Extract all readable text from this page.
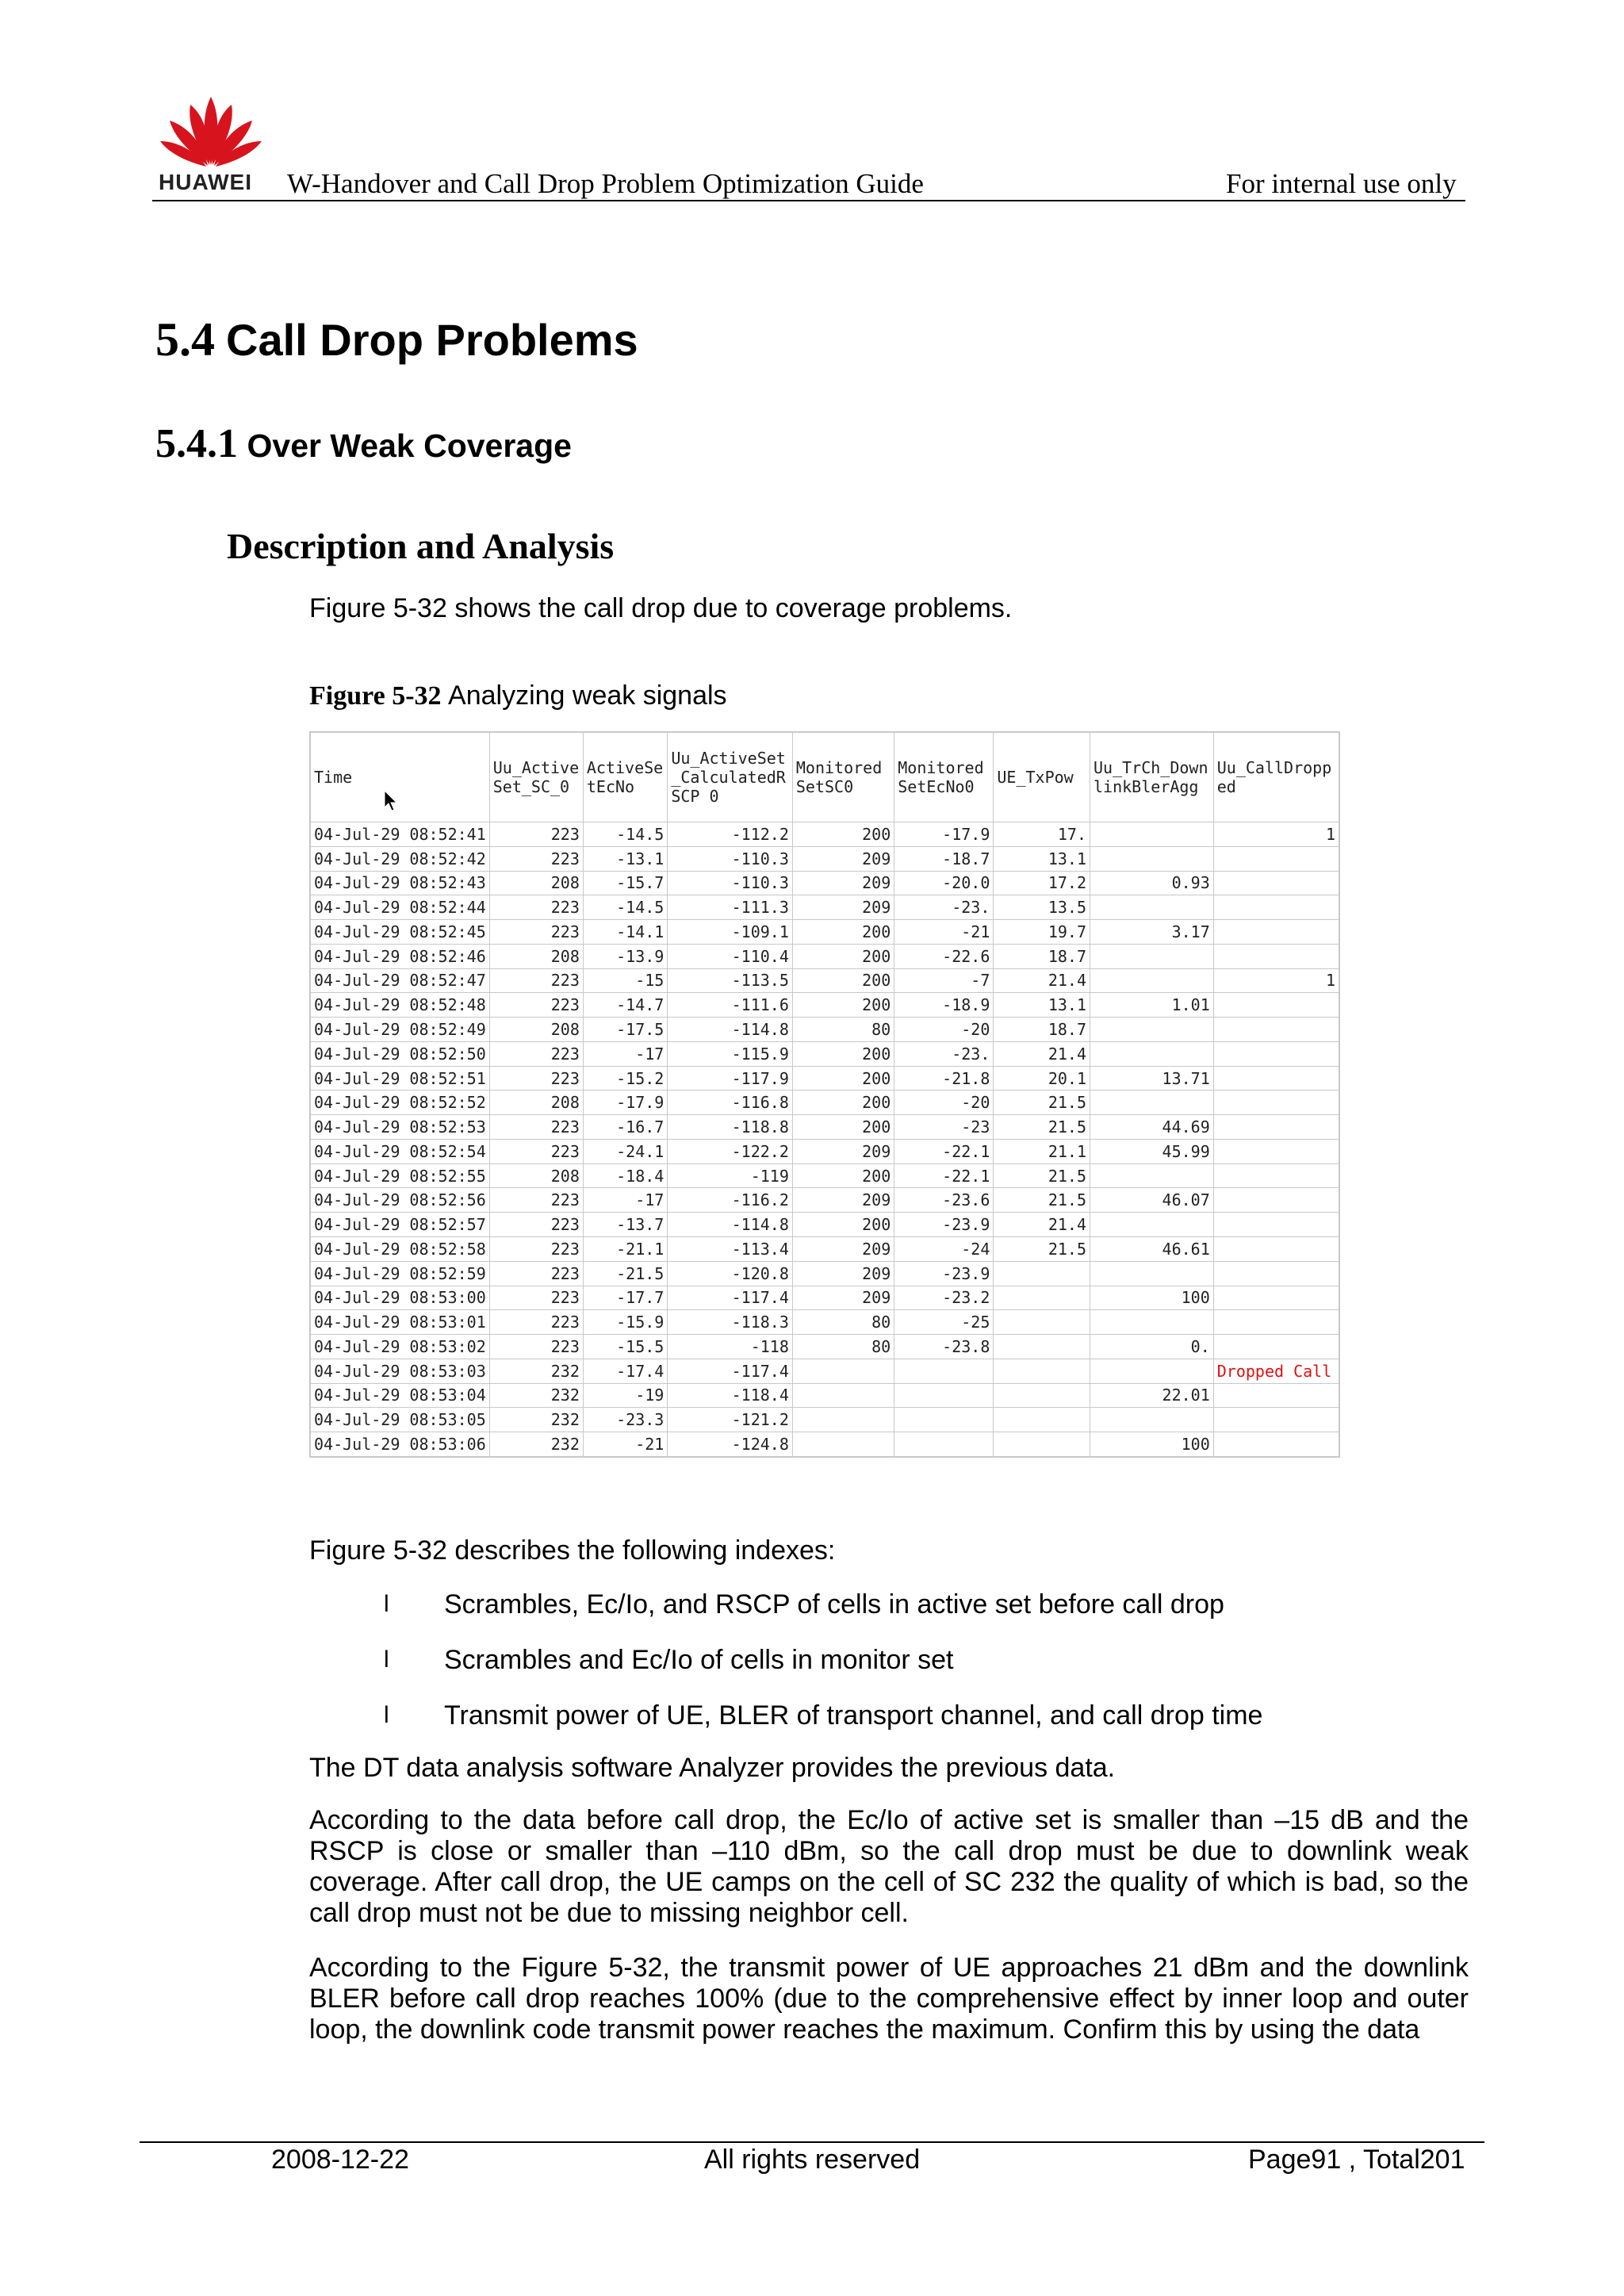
HUAWEI W-Handover and Call Drop Problem Optimization Guide	For internal use only
5.4 Call Drop Problems
5.4.1 Over Weak Coverage
Description and Analysis
Figure 5-32 shows the call drop due to coverage problems.
Figure 5-32 Analyzing weak signals
Time	Uu_ActiveSet_SC_0	ActiveSetEcNo	Uu_ActiveSet_CalculatedRSCP 0	MonitoredSetSC0	MonitoredSetEcNo0	UE_TxPow	Uu_TrCh_DownlinkBlerAgg	Uu_CallDropped
04-Jul-29 08:52:41	223	-14.5	-112.2	200	-17.9	17.		1
04-Jul-29 08:52:42	223	-13.1	-110.3	209	-18.7	13.1		
04-Jul-29 08:52:43	208	-15.7	-110.3	209	-20.0	17.2	0.93	
04-Jul-29 08:52:44	223	-14.5	-111.3	209	-23.	13.5		
04-Jul-29 08:52:45	223	-14.1	-109.1	200	-21	19.7	3.17	
04-Jul-29 08:52:46	208	-13.9	-110.4	200	-22.6	18.7		
04-Jul-29 08:52:47	223	-15	-113.5	200	-7	21.4		1
04-Jul-29 08:52:48	223	-14.7	-111.6	200	-18.9	13.1	1.01	
04-Jul-29 08:52:49	208	-17.5	-114.8	80	-20	18.7		
04-Jul-29 08:52:50	223	-17	-115.9	200	-23.	21.4		
04-Jul-29 08:52:51	223	-15.2	-117.9	200	-21.8	20.1	13.71	
04-Jul-29 08:52:52	208	-17.9	-116.8	200	-20	21.5		
04-Jul-29 08:52:53	223	-16.7	-118.8	200	-23	21.5	44.69	
04-Jul-29 08:52:54	223	-24.1	-122.2	209	-22.1	21.1	45.99	
04-Jul-29 08:52:55	208	-18.4	-119	200	-22.1	21.5		
04-Jul-29 08:52:56	223	-17	-116.2	209	-23.6	21.5	46.07	
04-Jul-29 08:52:57	223	-13.7	-114.8	200	-23.9	21.4		
04-Jul-29 08:52:58	223	-21.1	-113.4	209	-24	21.5	46.61	
04-Jul-29 08:52:59	223	-21.5	-120.8	209	-23.9			
04-Jul-29 08:53:00	223	-17.7	-117.4	209	-23.2		100	
04-Jul-29 08:53:01	223	-15.9	-118.3	80	-25			
04-Jul-29 08:53:02	223	-15.5	-118	80	-23.8		0.	
04-Jul-29 08:53:03	232	-17.4	-117.4					Dropped Call
04-Jul-29 08:53:04	232	-19	-118.4				22.01	
04-Jul-29 08:53:05	232	-23.3	-121.2					
04-Jul-29 08:53:06	232	-21	-124.8				100	
Figure 5-32 describes the following indexes:
l Scrambles, Ec/Io, and RSCP of cells in active set before call drop
l Scrambles and Ec/Io of cells in monitor set
l Transmit power of UE, BLER of transport channel, and call drop time
The DT data analysis software Analyzer provides the previous data.
According to the data before call drop, the Ec/Io of active set is smaller than –15 dB and the RSCP is close or smaller than –110 dBm, so the call drop must be due to downlink weak coverage. After call drop, the UE camps on the cell of SC 232 the quality of which is bad, so the call drop must not be due to missing neighbor cell.
According to the Figure 5-32, the transmit power of UE approaches 21 dBm and the downlink BLER before call drop reaches 100% (due to the comprehensive effect by inner loop and outer loop, the downlink code transmit power reaches the maximum. Confirm this by using the data
2008-12-22	All rights reserved	Page91 , Total201
